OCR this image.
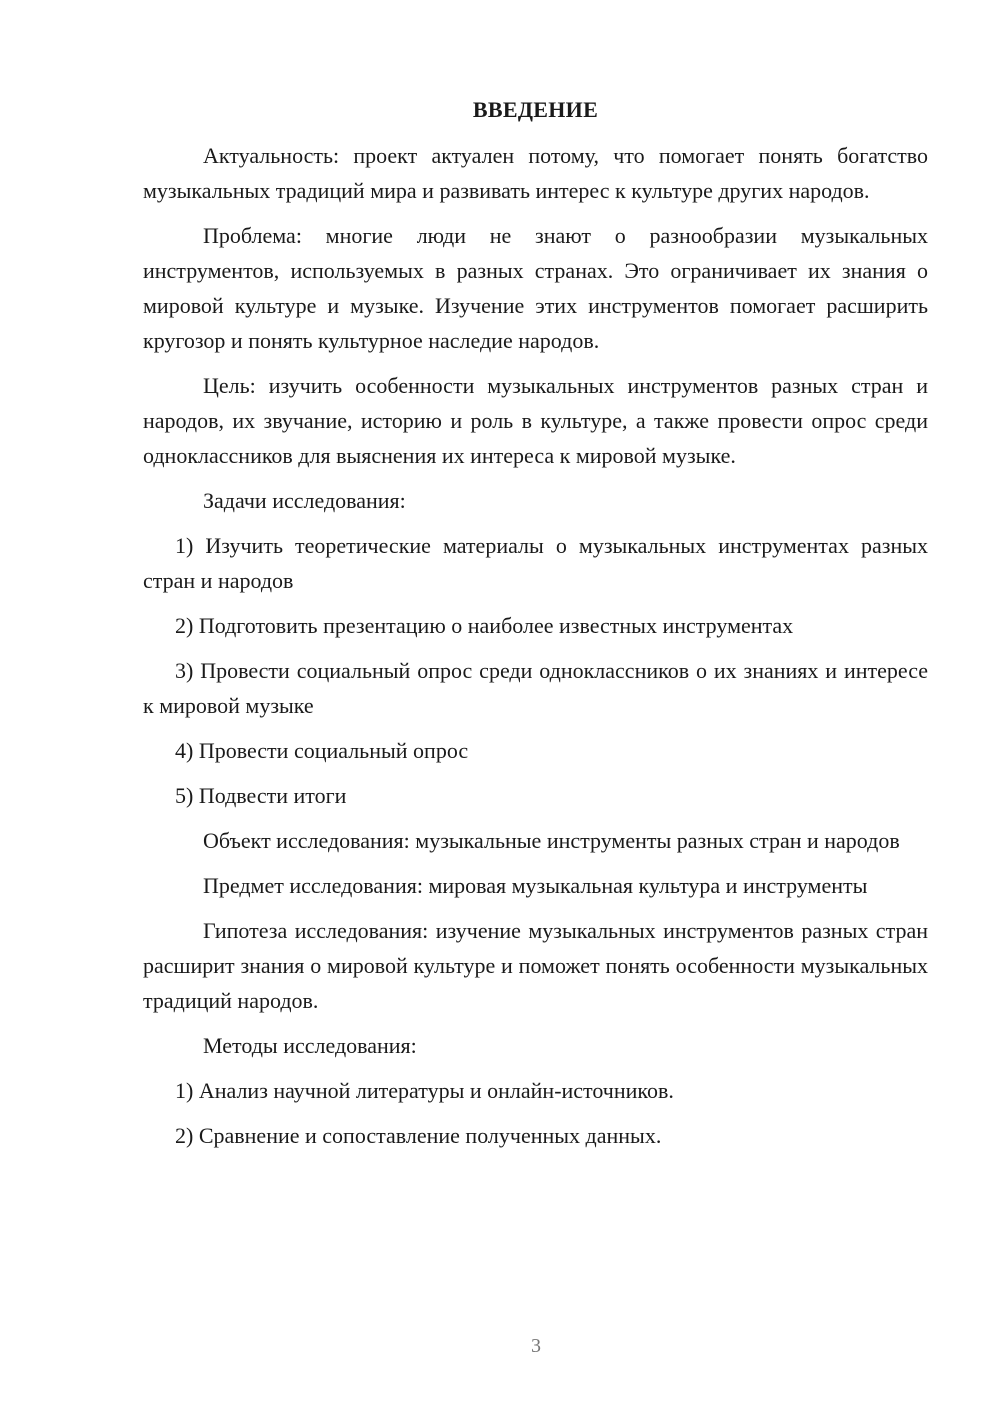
ВВЕДЕНИЕ

Актуальность: проект актуален потому, что помогает понять богатство музыкальных традиций мира и развивать интерес к культуре других народов.

Проблема: многие люди не знают о разнообразии музыкальных инструментов, используемых в разных странах. Это ограничивает их знания о мировой культуре и музыке. Изучение этих инструментов помогает расширить кругозор и понять культурное наследие народов.

Цель: изучить особенности музыкальных инструментов разных стран и народов, их звучание, историю и роль в культуре, а также провести опрос среди одноклассников для выяснения их интереса к мировой музыке.

Задачи исследования:

1) Изучить теоретические материалы о музыкальных инструментах разных стран и народов

2) Подготовить презентацию о наиболее известных инструментах

3) Провести социальный опрос среди одноклассников о их знаниях и интересе к мировой музыке

4) Провести социальный опрос

5) Подвести итоги

Объект исследования: музыкальные инструменты разных стран и народов

Предмет исследования: мировая музыкальная культура и инструменты

Гипотеза исследования: изучение музыкальных инструментов разных стран расширит знания о мировой культуре и поможет понять особенности музыкальных традиций народов.

Методы исследования:

1) Анализ научной литературы и онлайн-источников.

2) Сравнение и сопоставление полученных данных.

3
